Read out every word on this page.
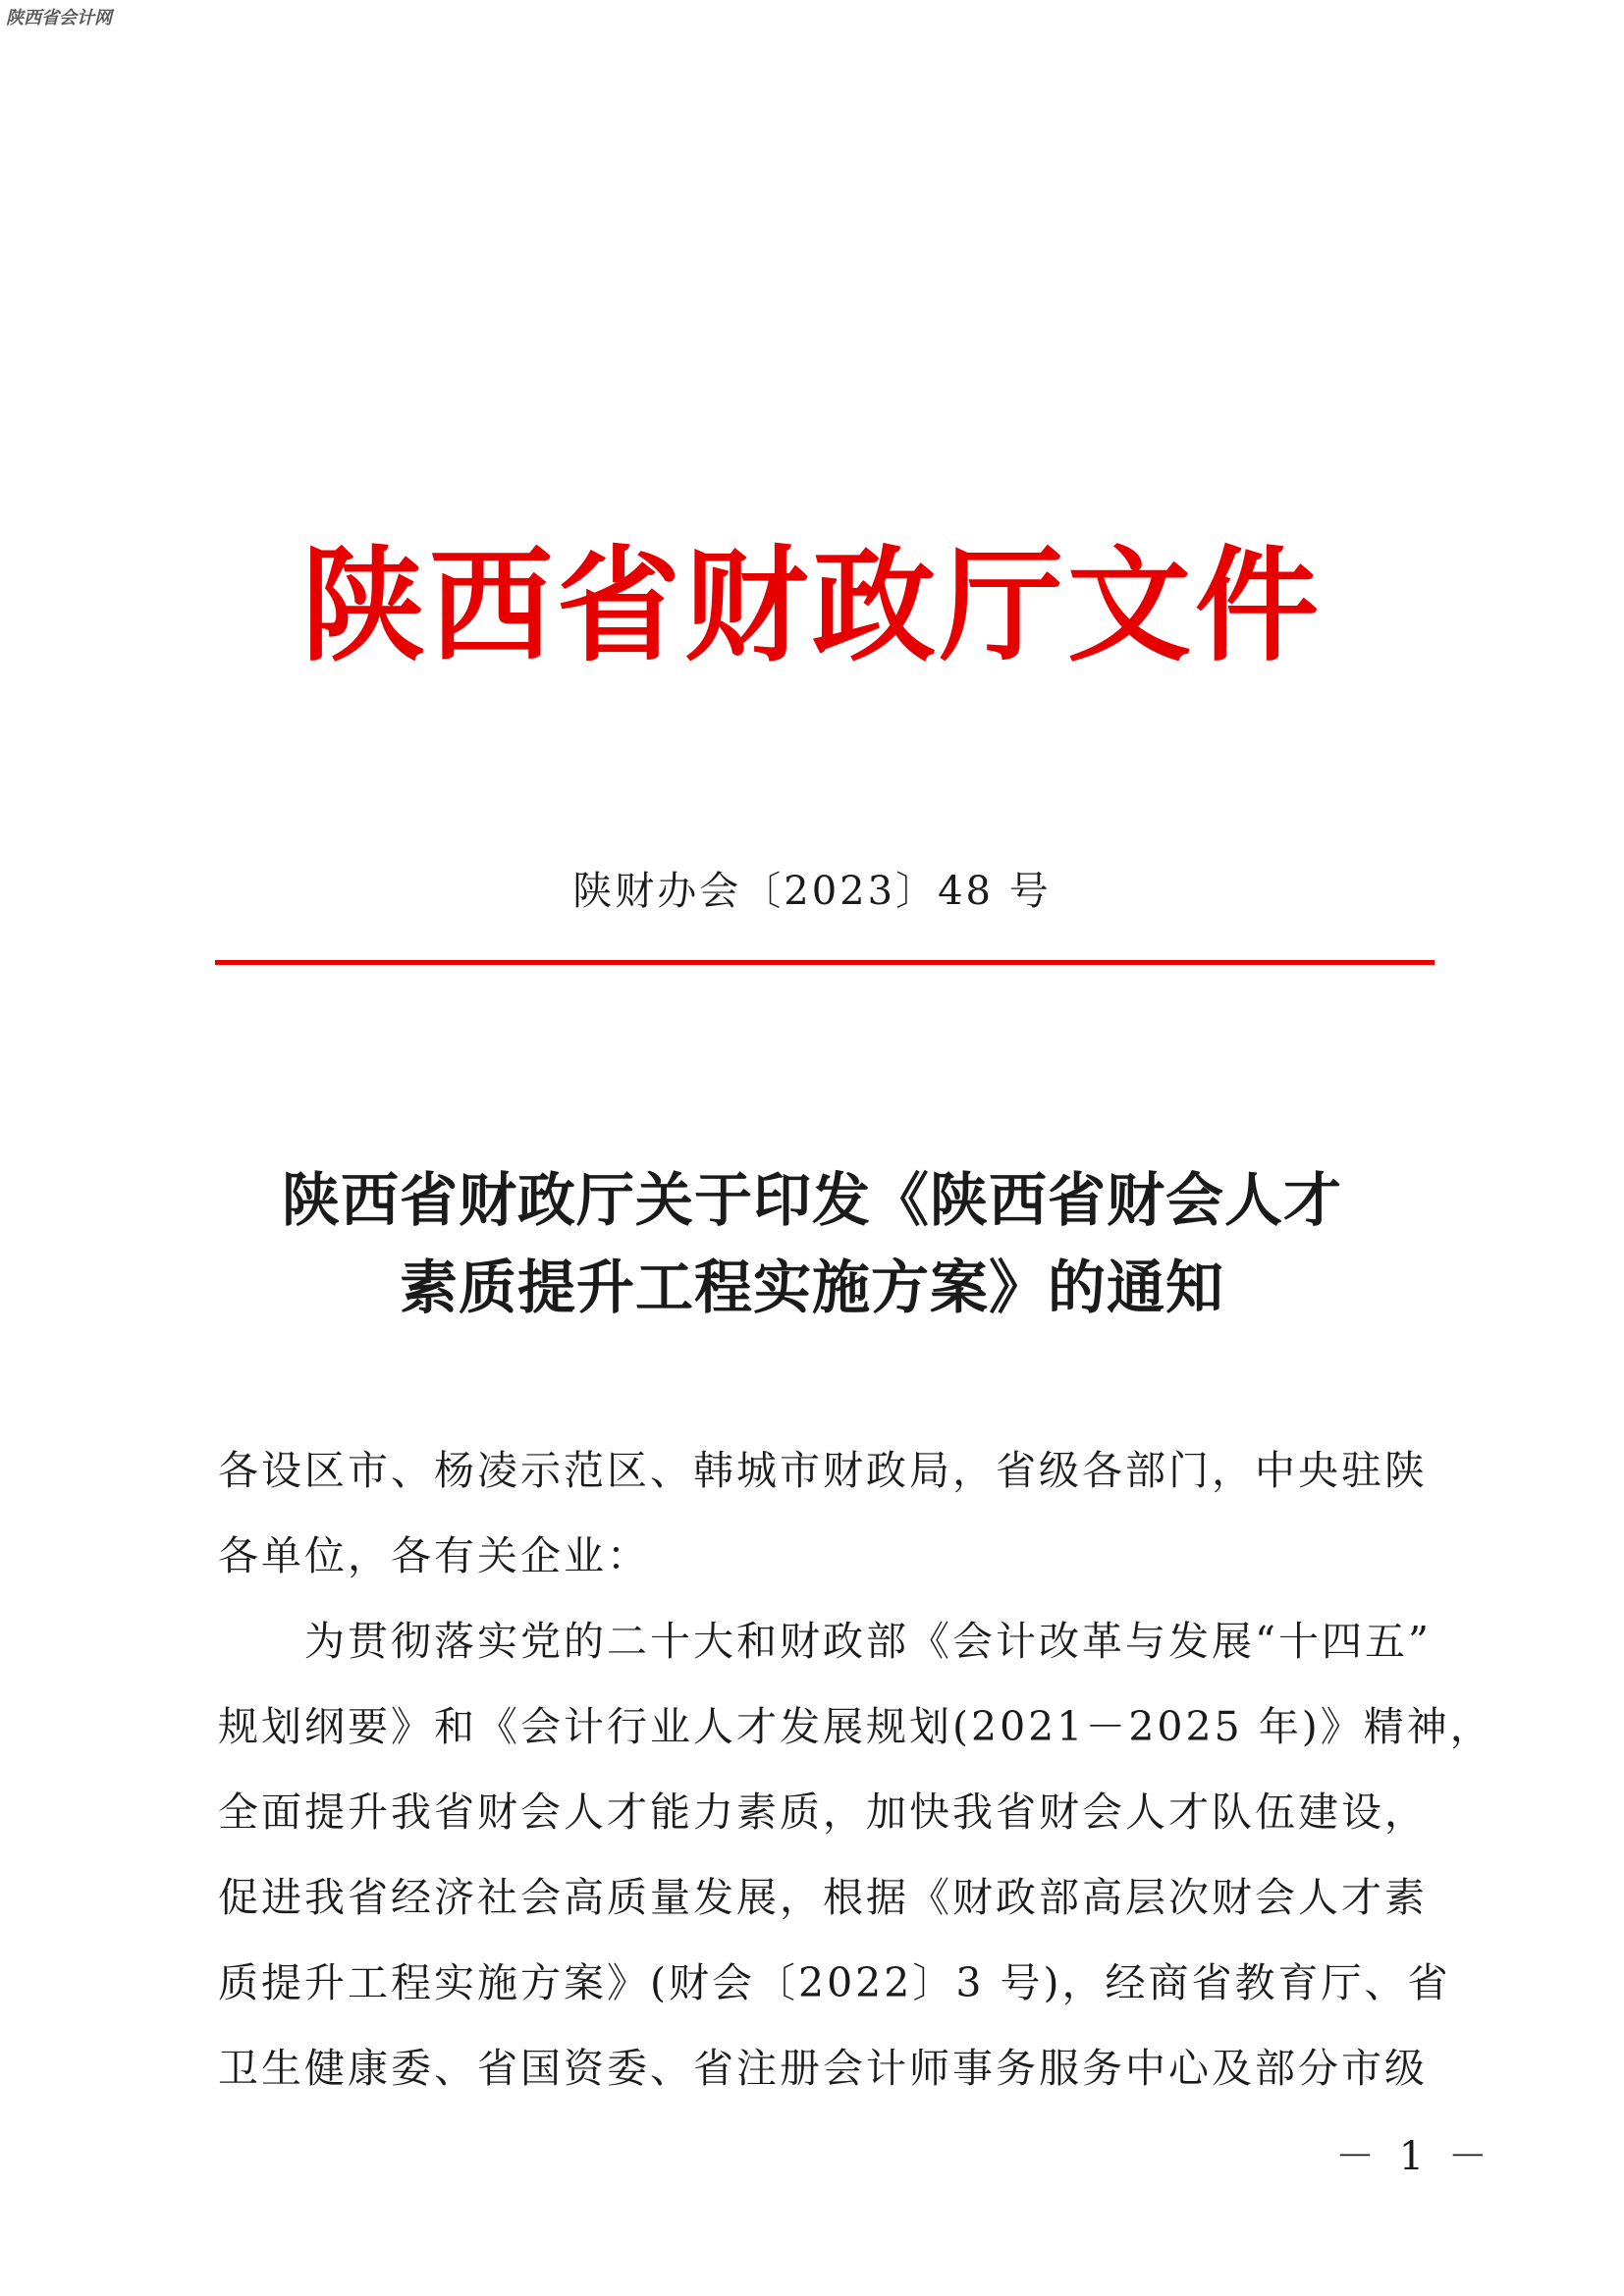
陕西省会计网
陕西省财政厅文件
陕财办会〔2023〕48 号
陕西省财政厅关于印发《陕西省财会人才
素质提升工程实施方案》的通知
各设区市、杨凌示范区、韩城市财政局，省级各部门，中央驻陕
各单位，各有关企业：
为贯彻落实党的二十大和财政部《会计改革与发展“十四五”
规划纲要》和《会计行业人才发展规划(2021－2025 年)》精神，
全面提升我省财会人才能力素质，加快我省财会人才队伍建设，
促进我省经济社会高质量发展，根据《财政部高层次财会人才素
质提升工程实施方案》(财会〔2022〕3 号)，经商省教育厅、省
卫生健康委、省国资委、省注册会计师事务服务中心及部分市级
－ 1 －
